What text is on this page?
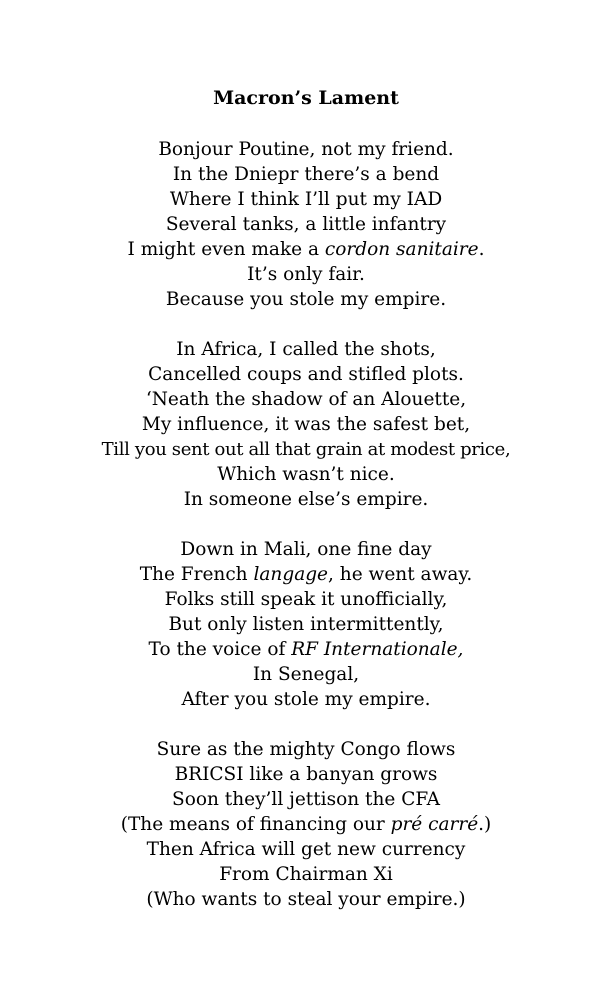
Macron’s Lament
Bonjour Poutine, not my friend.
In the Dniepr there’s a bend
Where I think I’ll put my IAD
Several tanks, a little infantry
I might even make a cordon sanitaire.
It’s only fair.
Because you stole my empire.
In Africa, I called the shots,
Cancelled coups and stifled plots.
‘Neath the shadow of an Alouette,
My influence, it was the safest bet,
Till you sent out all that grain at modest price,
Which wasn’t nice.
In someone else’s empire.
Down in Mali, one fine day
The French langage, he went away.
Folks still speak it unofficially,
But only listen intermittently,
To the voice of RF Internationale,
In Senegal,
After you stole my empire.
Sure as the mighty Congo flows
BRICSI like a banyan grows
Soon they’ll jettison the CFA
(The means of financing our pré carré.)
Then Africa will get new currency
From Chairman Xi
(Who wants to steal your empire.)
